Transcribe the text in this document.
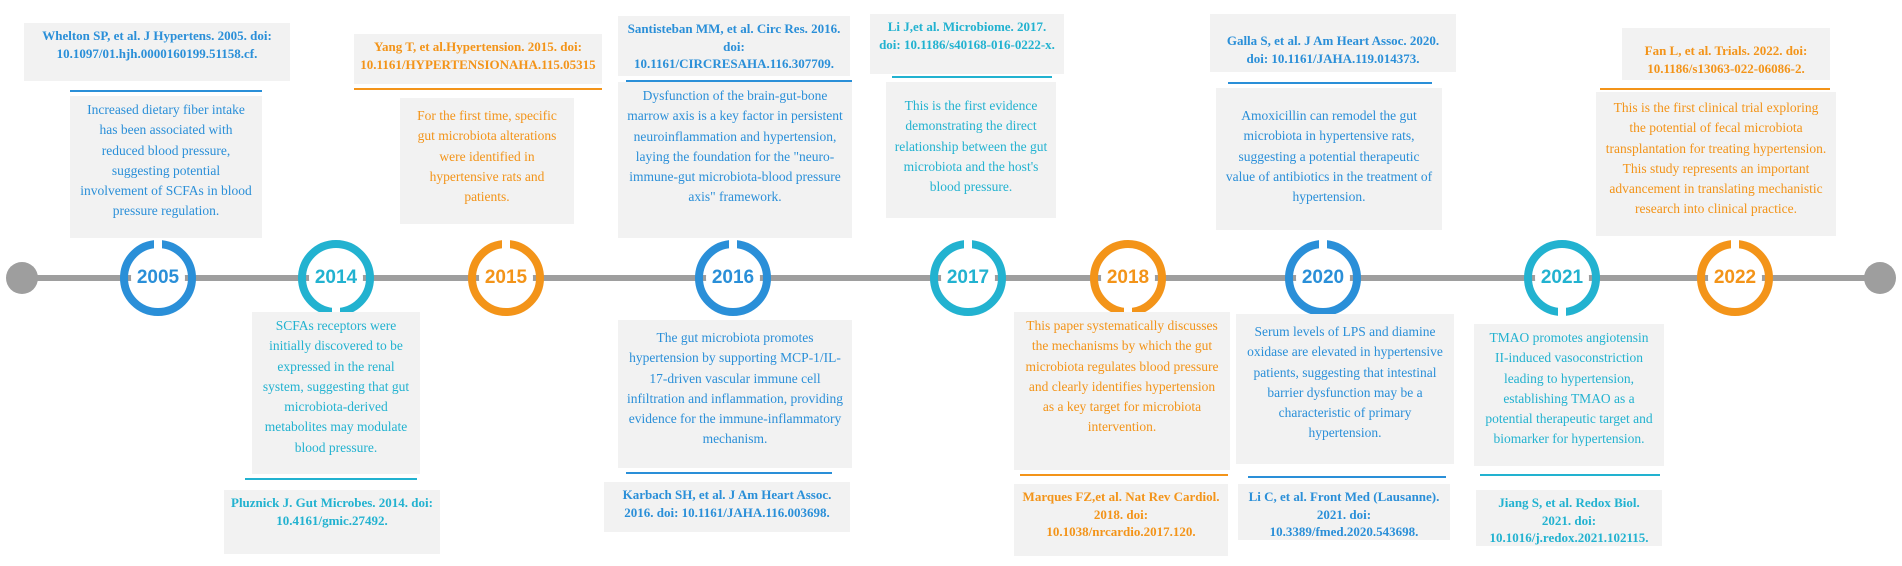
2005	2014	2015	2016	2017	2018	2020	2021	2022
Whelton SP, et al. J Hypertens. 2005. doi: 10.1097/01.hjh.0000160199.51158.cf.
Increased dietary fiber intake has been associated with reduced blood pressure, suggesting potential involvement of SCFAs in blood pressure regulation.
SCFAs receptors were initially discovered to be expressed in the renal system, suggesting that gut microbiota-derived metabolites may modulate blood pressure.
Pluznick J. Gut Microbes. 2014. doi: 10.4161/gmic.27492.
Yang T, et al.Hypertension. 2015. doi: 10.1161/HYPERTENSIONAHA.115.05315
For the first time, specific gut microbiota alterations were identified in hypertensive rats and patients.
Santisteban MM, et al. Circ Res. 2016. doi: 10.1161/CIRCRESAHA.116.307709.
Dysfunction of the brain-gut-bone marrow axis is a key factor in persistent neuroinflammation and hypertension, laying the foundation for the "neuro-immune-gut microbiota-blood pressure axis" framework.
The gut microbiota promotes hypertension by supporting MCP-1/IL-17-driven vascular immune cell infiltration and inflammation, providing evidence for the immune-inflammatory mechanism.
Karbach SH, et al. J Am Heart Assoc. 2016. doi: 10.1161/JAHA.116.003698.
Li J,et al. Microbiome. 2017. doi: 10.1186/s40168-016-0222-x.
This is the first evidence demonstrating the direct relationship between the gut microbiota and the host's blood pressure.
This paper systematically discusses the mechanisms by which the gut microbiota regulates blood pressure and clearly identifies hypertension as a key target for microbiota intervention.
Marques FZ,et al. Nat Rev Cardiol. 2018. doi: 10.1038/nrcardio.2017.120.
Galla S, et al. J Am Heart Assoc. 2020. doi: 10.1161/JAHA.119.014373.
Amoxicillin can remodel the gut microbiota in hypertensive rats, suggesting a potential therapeutic value of antibiotics in the treatment of hypertension.
Serum levels of LPS and diamine oxidase are elevated in hypertensive patients, suggesting that intestinal barrier dysfunction may be a characteristic of primary hypertension.
Li C, et al. Front Med (Lausanne). 2021. doi: 10.3389/fmed.2020.543698.
TMAO promotes angiotensin II-induced vasoconstriction leading to hypertension, establishing TMAO as a potential therapeutic target and biomarker for hypertension.
Jiang S, et al. Redox Biol. 2021. doi: 10.1016/j.redox.2021.102115.
Fan L, et al. Trials. 2022. doi: 10.1186/s13063-022-06086-2.
This is the first clinical trial exploring the potential of fecal microbiota transplantation for treating hypertension. This study represents an important advancement in translating mechanistic research into clinical practice.
